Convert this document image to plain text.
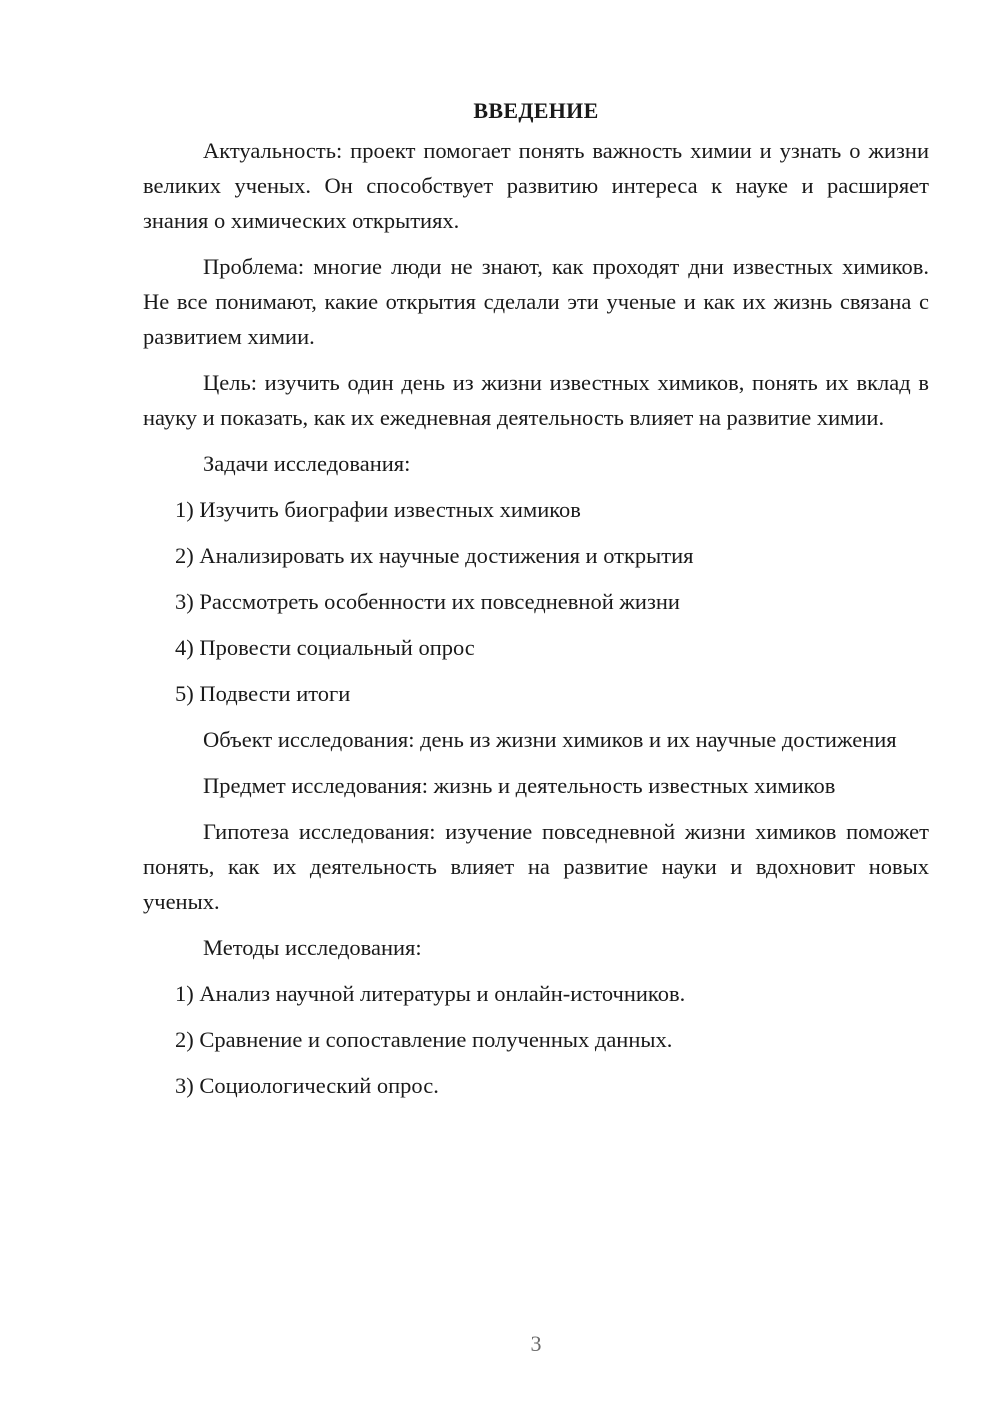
ВВЕДЕНИЕ

Актуальность: проект помогает понять важность химии и узнать о жизни великих ученых. Он способствует развитию интереса к науке и расширяет знания о химических открытиях.

Проблема: многие люди не знают, как проходят дни известных химиков. Не все понимают, какие открытия сделали эти ученые и как их жизнь связана с развитием химии.

Цель: изучить один день из жизни известных химиков, понять их вклад в науку и показать, как их ежедневная деятельность влияет на развитие химии.

Задачи исследования:

1) Изучить биографии известных химиков

2) Анализировать их научные достижения и открытия

3) Рассмотреть особенности их повседневной жизни

4) Провести социальный опрос

5) Подвести итоги

Объект исследования: день из жизни химиков и их научные достижения

Предмет исследования: жизнь и деятельность известных химиков

Гипотеза исследования: изучение повседневной жизни химиков поможет понять, как их деятельность влияет на развитие науки и вдохновит новых ученых.

Методы исследования:

1) Анализ научной литературы и онлайн-источников.

2) Сравнение и сопоставление полученных данных.

3) Социологический опрос.

3
